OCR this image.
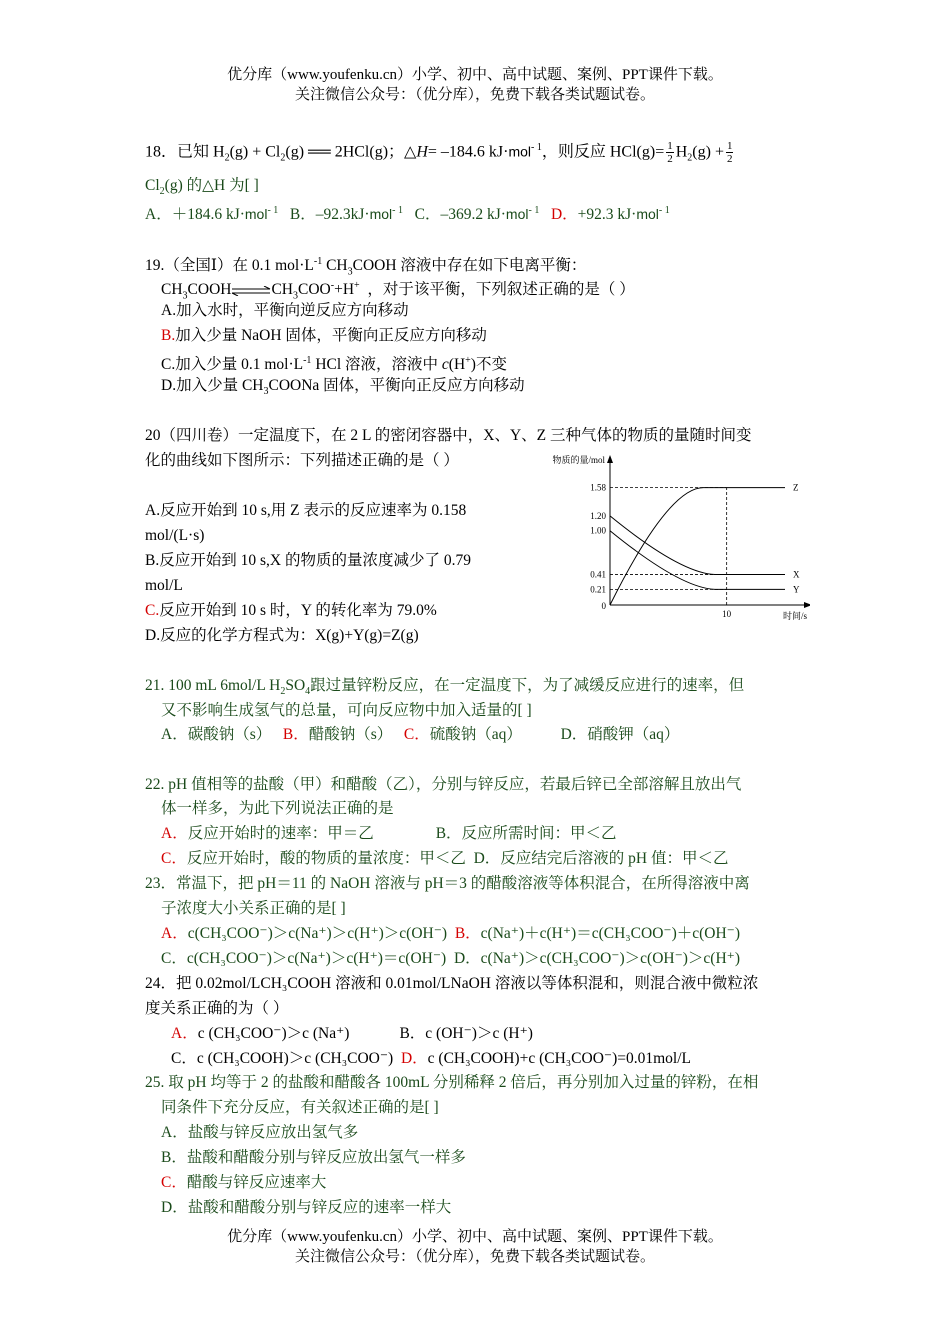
优分库（www.youfenku.cn）小学、初中、高中试题、案例、PPT课件下载。
关注微信公众号：（优分库），免费下载各类试题试卷。
18．已知 $H_2(g) + Cl_2(g)$ ══ 2HCl(g)；△H= –184.6 kJ·mol$^{- 1}$，则反应 $HCl(g)= \frac{1}{2} H_2(g) + \frac{1}{2}$
$Cl_2(g)$ 的△H 为[ ]
A．＋184.6 kJ·mol$^{- 1}$ B．–92.3kJ·mol$^{- 1}$ C．–369.2 kJ·mol$^{- 1}$ D．+92.3 kJ·mol$^{- 1}$
19.（全国Ⅰ）在 0.1 $mol\cdot L^{-1}$ $CH_3COOH$ 溶液中存在如下电离平衡：
$CH_3COOH\rightleftharpoons CH_3COO^-+H^+$ ，对于该平衡，下列叙述正确的是（ ）
A.加入水时，平衡向逆反应方向移动
B.加入少量 NaOH 固体，平衡向正反应方向移动
C.加入少量 0.1 $mol\cdot L^{-1}$ HCl 溶液，溶液中 c(H+)不变
D.加入少量 $CH_3COONa$ 固体，平衡向正反应方向移动
20（四川卷）一定温度下，在 2 L 的密闭容器中，X、Y、Z 三种气体的物质的量随时间变
化的曲线如下图所示：下列描述正确的是（ ）
A.反应开始到 10 s,用 Z 表示的反应速率为 0.158
mol/(L·s)
B.反应开始到 10 s,X 的物质的量浓度减少了 0.79
mol/L
C.反应开始到 10 s 时，Y 的转化率为 79.0%
D.反应的化学方程式为：X(g)+Y(g)=Z(g)
物质的量/mol
时间/s
0.21
0.41
1.00
1.20
1.58
0
10
Z
X
Y
21. 100 mL 6mol/L $H_2SO_4$跟过量锌粉反应，在一定温度下，为了减缓反应进行的速率，但
又不影响生成氢气的总量，可向反应物中加入适量的[ ]
A．碳酸钠（s） B．醋酸钠（s） C．硫酸钠（aq）	D．硝酸钾（aq）
22. pH 值相等的盐酸（甲）和醋酸（乙），分别与锌反应，若最后锌已全部溶解且放出气
体一样多，为此下列说法正确的是
A．反应开始时的速率：甲＝乙	B．反应所需时间：甲＜乙
C．反应开始时，酸的物质的量浓度：甲＜乙 D．反应结完后溶液的 pH 值：甲＜乙
23．常温下，把 pH＝11 的 NaOH 溶液与 pH＝3 的醋酸溶液等体积混合，在所得溶液中离
子浓度大小关系正确的是[ ]
A．c(CH₃COO⁻)＞c(Na⁺)＞c(H⁺)＞c(OH⁻) B．c(Na⁺)＋c(H⁺)＝c(CH₃COO⁻)＋c(OH⁻)
C．c(CH₃COO⁻)＞c(Na⁺)＞c(H⁺)＝c(OH⁻) D．c(Na⁺)＞c(CH₃COO⁻)＞c(OH⁻)＞c(H⁺)
24．把 0.02mol/LCH₃COOH 溶液和 0.01mol/LNaOH 溶液以等体积混和，则混合液中微粒浓
度关系正确的为（ ）
A．c (CH₃COO⁻)＞c (Na⁺)	B．c (OH⁻)＞c (H⁺)
C．c (CH₃COOH)＞c (CH₃COO⁻) D．c (CH₃COOH)+c (CH₃COO⁻)=0.01mol/L
25. 取 pH 均等于 2 的盐酸和醋酸各 100mL 分别稀释 2 倍后，再分别加入过量的锌粉，在相
同条件下充分反应，有关叙述正确的是[ ]
A．盐酸与锌反应放出氢气多
B．盐酸和醋酸分别与锌反应放出氢气一样多
C．醋酸与锌反应速率大
D．盐酸和醋酸分别与锌反应的速率一样大
优分库（www.youfenku.cn）小学、初中、高中试题、案例、PPT课件下载。
关注微信公众号：（优分库），免费下载各类试题试卷。
